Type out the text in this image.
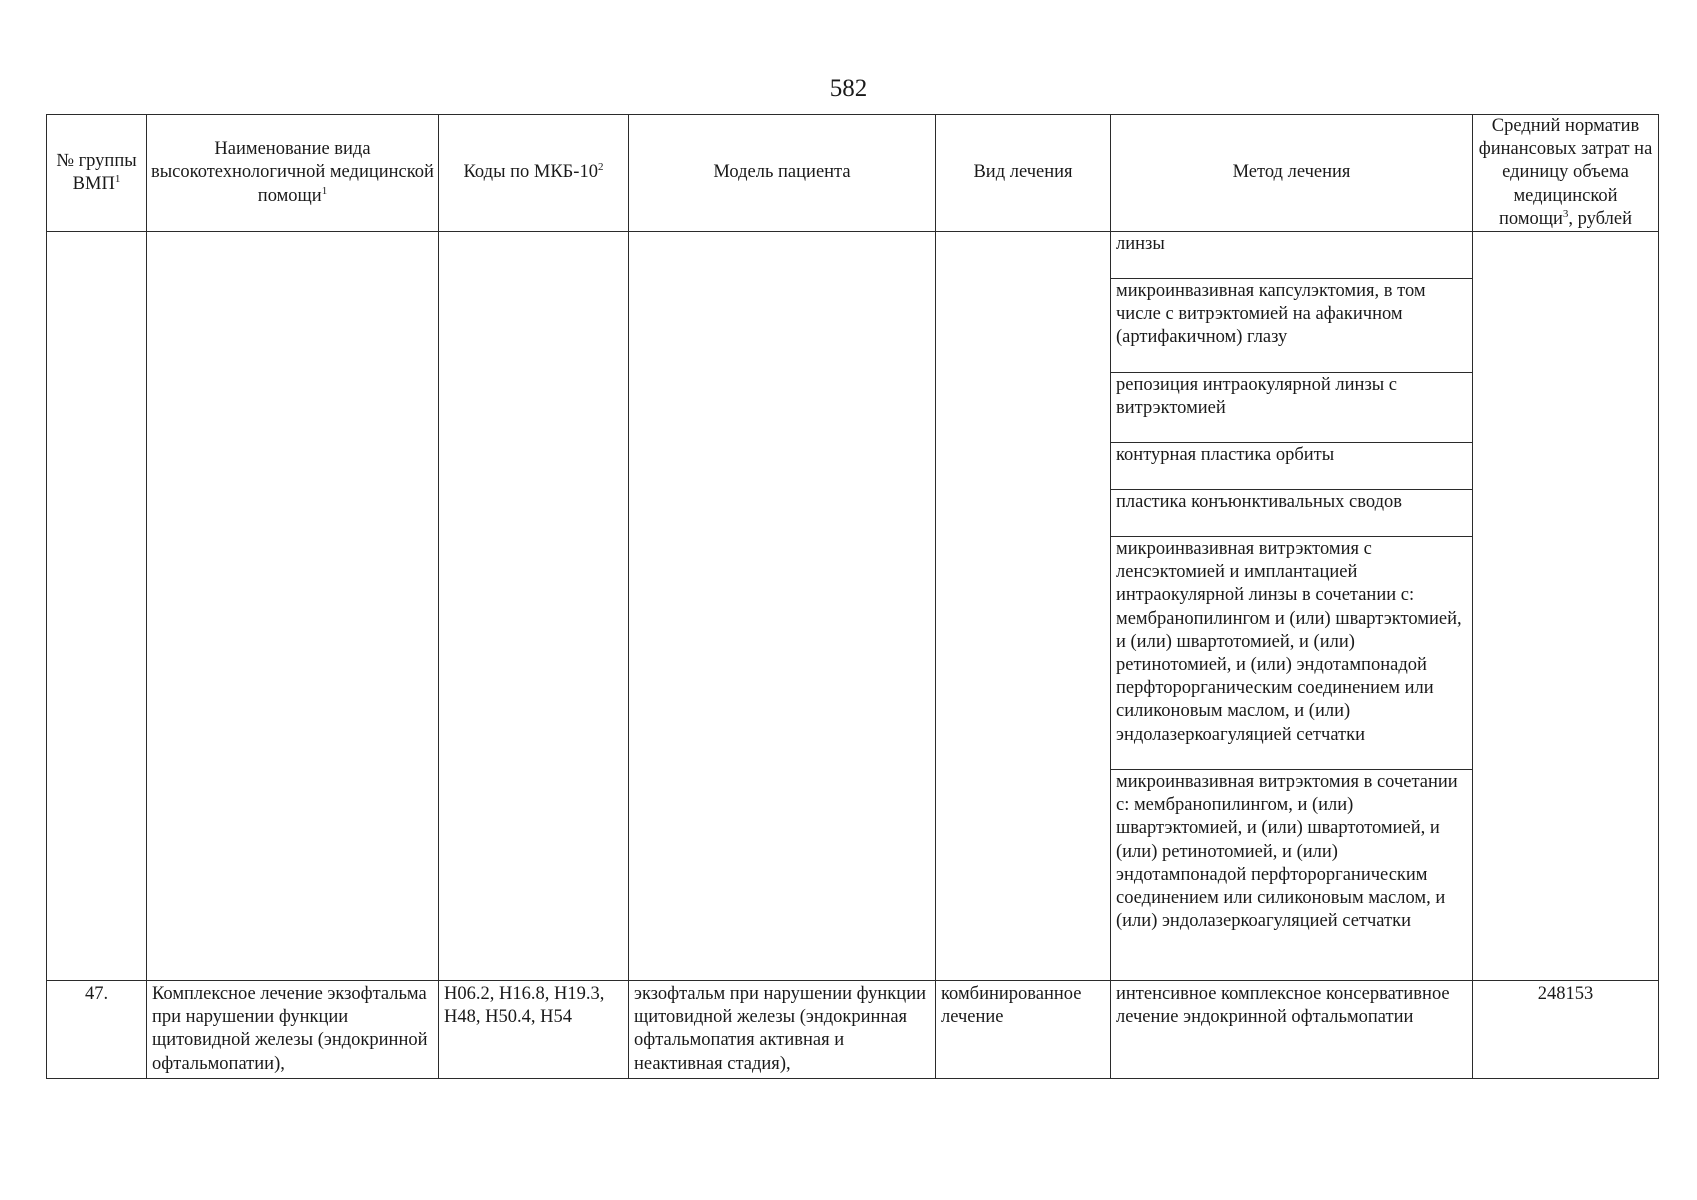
582
№ группы ВМП$^1$	Наименование вида высокотехнологичной медицинской помощи$^1$	Коды по МКБ-$10^2$	Модель пациента	Вид лечения	Метод лечения	Средний норматив финансовых затрат на единицу объема медицинской помощи$^3$, рублей
					линзы	
					микроинвазивная капсулэктомия, в том числе с витрэктомией на афакичном (артифакичном) глазу	
					репозиция интраокулярной линзы с витрэктомией	
					контурная пластика орбиты	
					пластика конъюнктивальных сводов	
					микроинвазивная витрэктомия с ленсэктомией и имплантацией интраокулярной линзы в сочетании с: мембранопилингом и (или) швартэктомией, и (или) швартотомией, и (или) ретинотомией, и (или) эндотампонадой перфторорганическим соединением или силиконовым маслом, и (или) эндолазеркоагуляцией сетчатки	
					микроинвазивная витрэктомия в сочетании с: мембранопилингом, и (или) швартэктомией, и (или) швартотомией, и (или) ретинотомией, и (или) эндотампонадой перфторорганическим соединением или силиконовым маслом, и (или) эндолазеркоагуляцией сетчатки	
47.	Комплексное лечение экзофтальма при нарушении функции щитовидной железы (эндокринной офтальмопатии),	H06.2, H16.8, H19.3, H48, H50.4, H54	экзофтальм при нарушении функции щитовидной железы (эндокринная офтальмопатия активная и неактивная стадия),	комбинированное лечение	интенсивное комплексное консервативное лечение эндокринной офтальмопатии	248153
